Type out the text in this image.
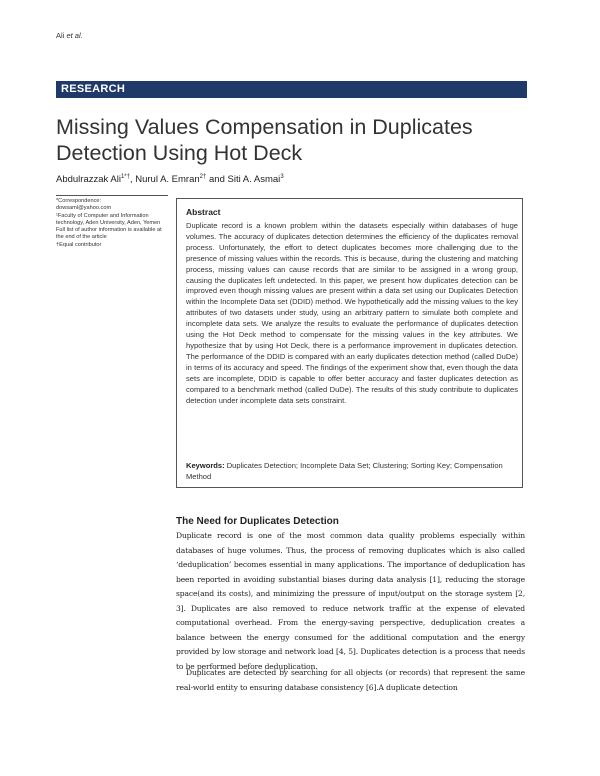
Ali et al.
RESEARCH
Missing Values Compensation in Duplicates Detection Using Hot Deck
Abdulrazzak Ali$^{1*\dagger}$, Nurul A. Emran$^{2\dagger}$ and Siti A. Asmai$^3$
*Correspondence:
dowsaml@yahoo.com
¹Faculty of Computer and Information technology, Aden University, Aden, Yemen
Full list of author information is available at the end of the article
†Equal contributor
Abstract
Duplicate record is a known problem within the datasets especially within databases of huge volumes. The accuracy of duplicates detection determines the efficiency of the duplicates removal process. Unfortunately, the effort to detect duplicates becomes more challenging due to the presence of missing values within the records. This is because, during the clustering and matching process, missing values can cause records that are similar to be assigned in a wrong group, causing the duplicates left undetected. In this paper, we present how duplicates detection can be improved even though missing values are present within a data set using our Duplicates Detection within the Incomplete Data set (DDID) method. We hypothetically add the missing values to the key attributes of two datasets under study, using an arbitrary pattern to simulate both complete and incomplete data sets. We analyze the results to evaluate the performance of duplicates detection using the Hot Deck method to compensate for the missing values in the key attributes. We hypothesize that by using Hot Deck, there is a performance improvement in duplicates detection. The performance of the DDID is compared with an early duplicates detection method (called DuDe) in terms of its accuracy and speed. The findings of the experiment show that, even though the data sets are incomplete, DDID is capable to offer better accuracy and faster duplicates detection as compared to a benchmark method (called DuDe). The results of this study contribute to duplicates detection under incomplete data sets constraint.
Keywords: Duplicates Detection; Incomplete Data Set; Clustering; Sorting Key; Compensation Method
The Need for Duplicates Detection
Duplicate record is one of the most common data quality problems especially within databases of huge volumes. Thus, the process of removing duplicates which is also called ‘deduplication’ becomes essential in many applications. The importance of deduplication has been reported in avoiding substantial biases during data analysis [1], reducing the storage space(and its costs), and minimizing the pressure of input/output on the storage system [2, 3]. Duplicates are also removed to reduce network traffic at the expense of elevated computational overhead. From the energy-saving perspective, deduplication creates a balance between the energy consumed for the additional computation and the energy provided by low storage and network load [4, 5]. Duplicates detection is a process that needs to be performed before deduplication.
Duplicates are detected by searching for all objects (or records) that represent the same real-world entity to ensuring database consistency [6].A duplicate detection
